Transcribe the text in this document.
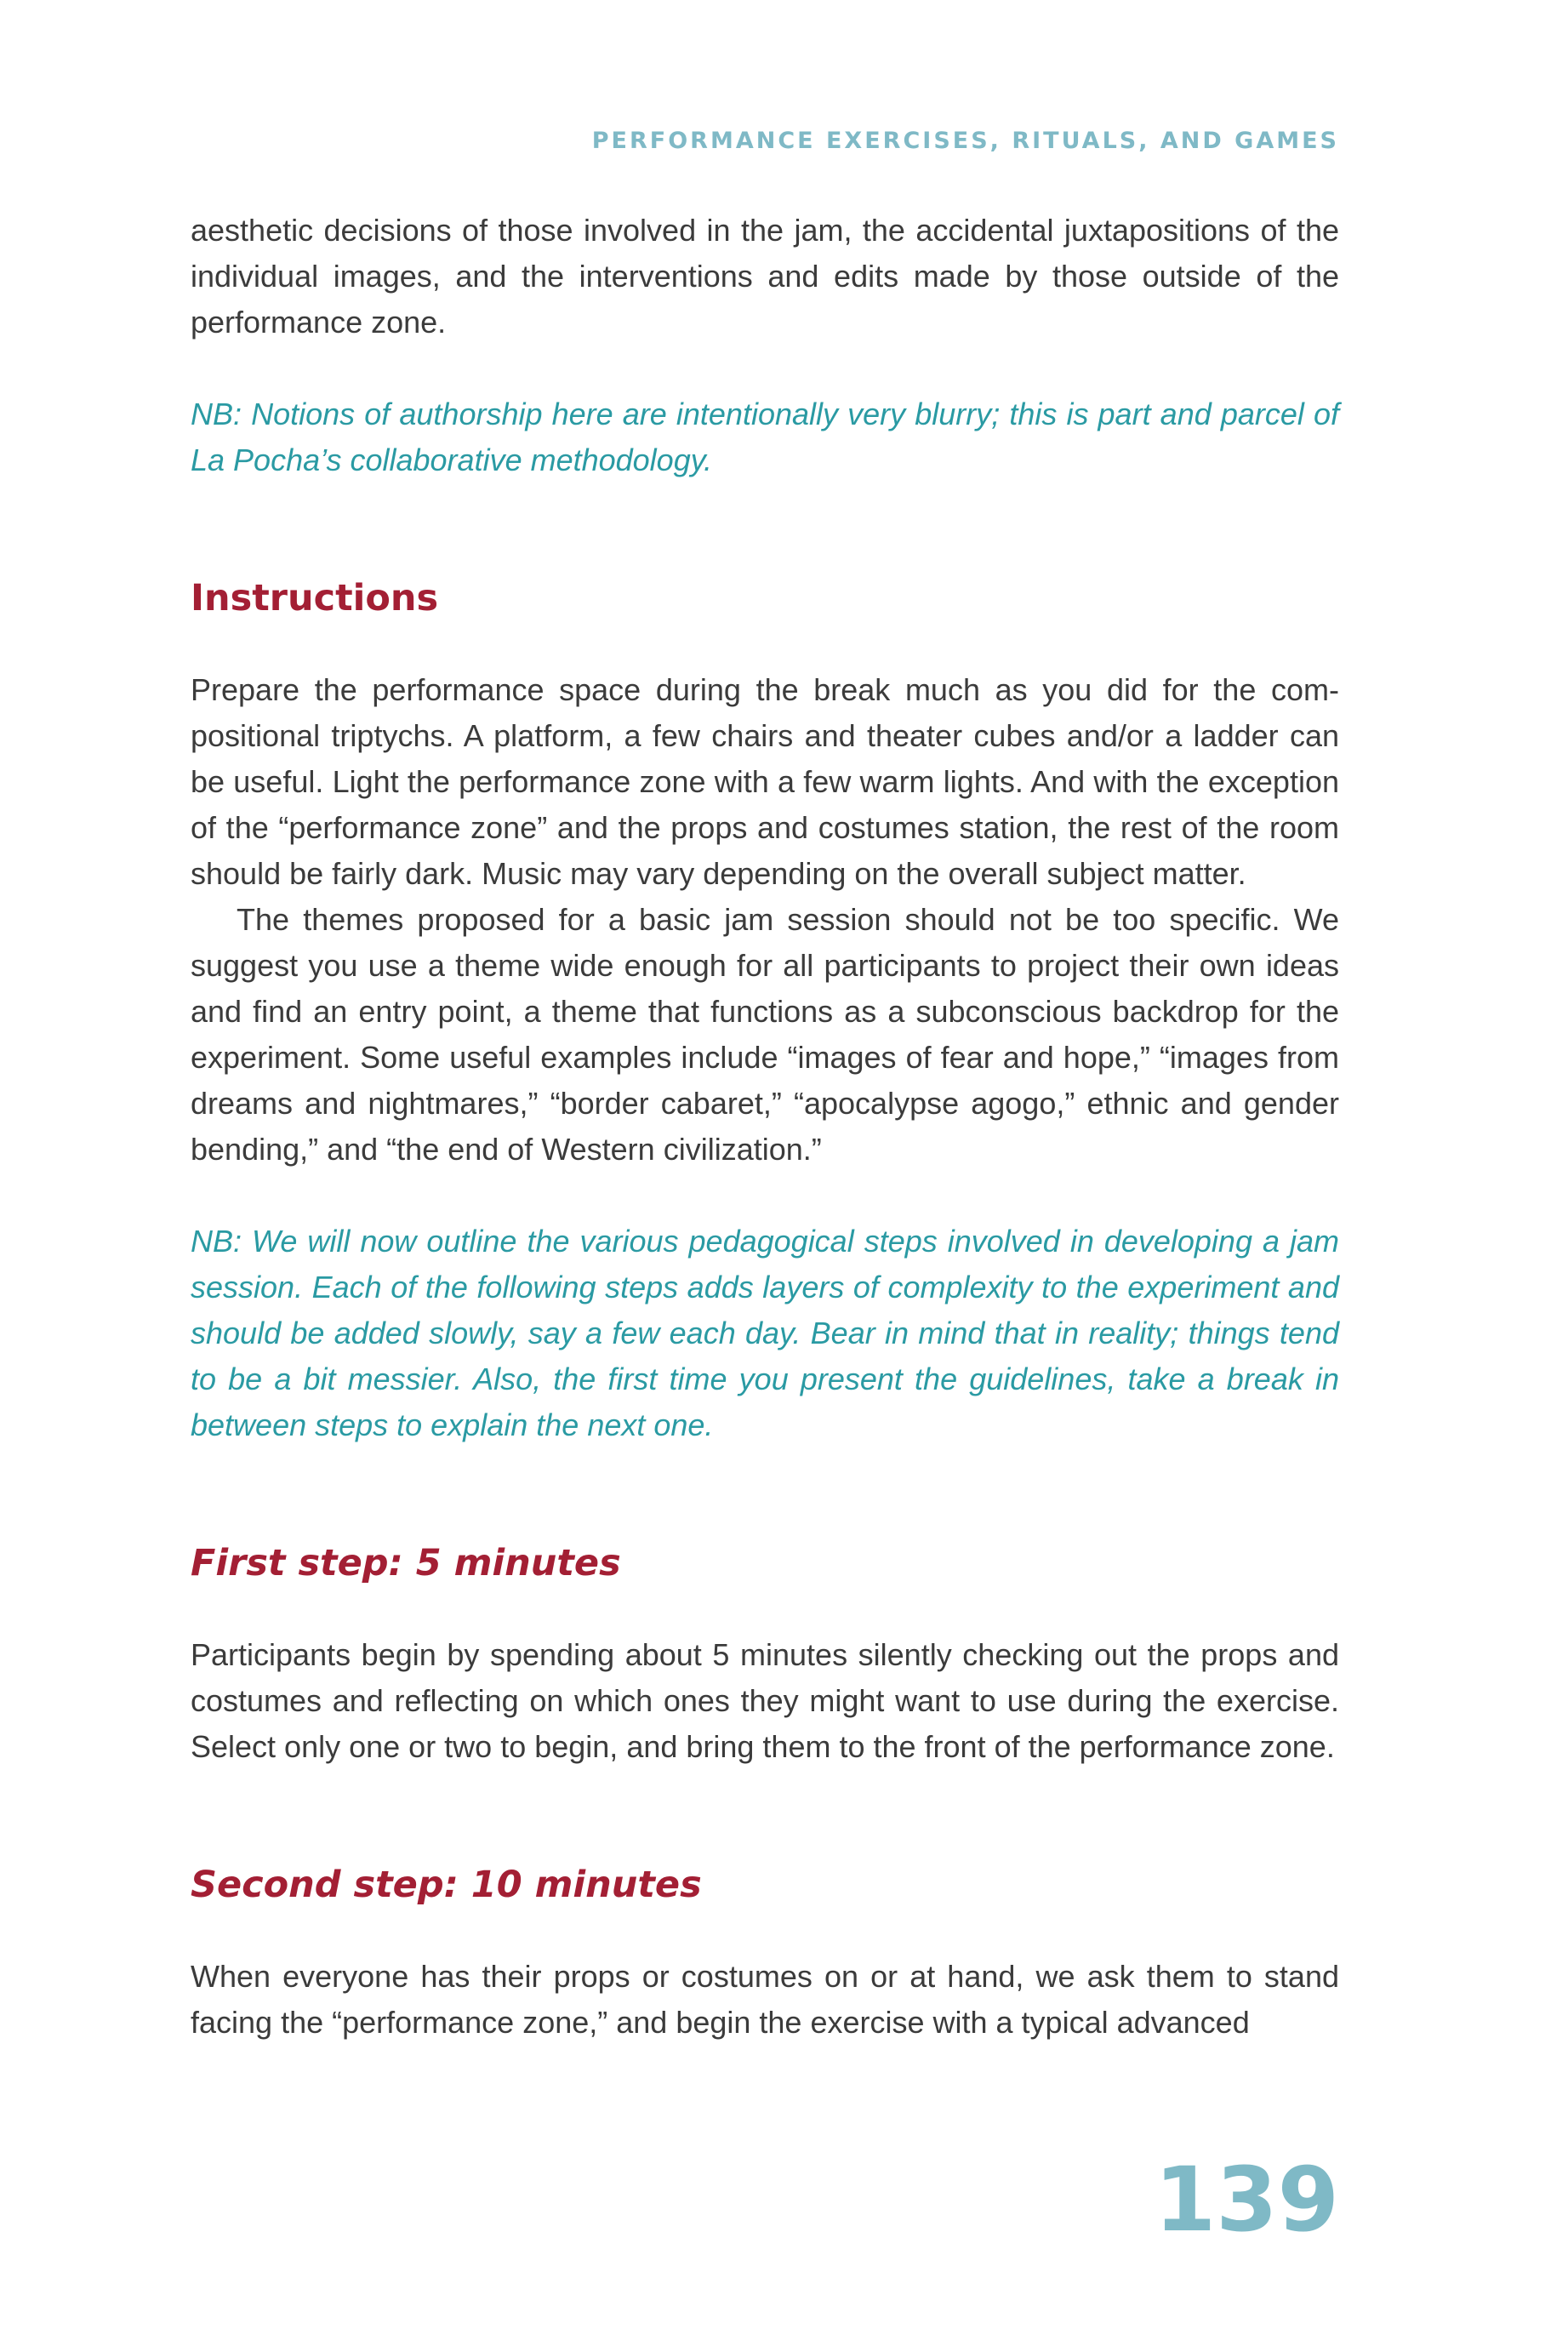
PERFORMANCE EXERCISES, RITUALS, AND GAMES

aesthetic decisions of those involved in the jam, the accidental juxtapositions of the individual images, and the interventions and edits made by those outside of the performance zone.

NB: Notions of authorship here are intentionally very blurry; this is part and parcel of La Pocha’s collaborative methodology.

Instructions

Prepare the performance space during the break much as you did for the com-positional triptychs. A platform, a few chairs and theater cubes and/or a ladder can be useful. Light the performance zone with a few warm lights. And with the exception of the “performance zone” and the props and costumes station, the rest of the room should be fairly dark. Music may vary depending on the overall subject matter.

The themes proposed for a basic jam session should not be too specific. We suggest you use a theme wide enough for all participants to project their own ideas and find an entry point, a theme that functions as a subconscious backdrop for the experiment. Some useful examples include “images of fear and hope,” “images from dreams and nightmares,” “border cabaret,” “apocalypse agogo,” ethnic and gender bending,” and “the end of Western civilization.”

NB: We will now outline the various pedagogical steps involved in developing a jam session. Each of the following steps adds layers of complexity to the experiment and should be added slowly, say a few each day. Bear in mind that in reality; things tend to be a bit messier. Also, the first time you present the guidelines, take a break in between steps to explain the next one.

First step: 5 minutes

Participants begin by spending about 5 minutes silently checking out the props and costumes and reflecting on which ones they might want to use during the exercise. Select only one or two to begin, and bring them to the front of the performance zone.

Second step: 10 minutes

When everyone has their props or costumes on or at hand, we ask them to stand facing the “performance zone,” and begin the exercise with a typical advanced

139
